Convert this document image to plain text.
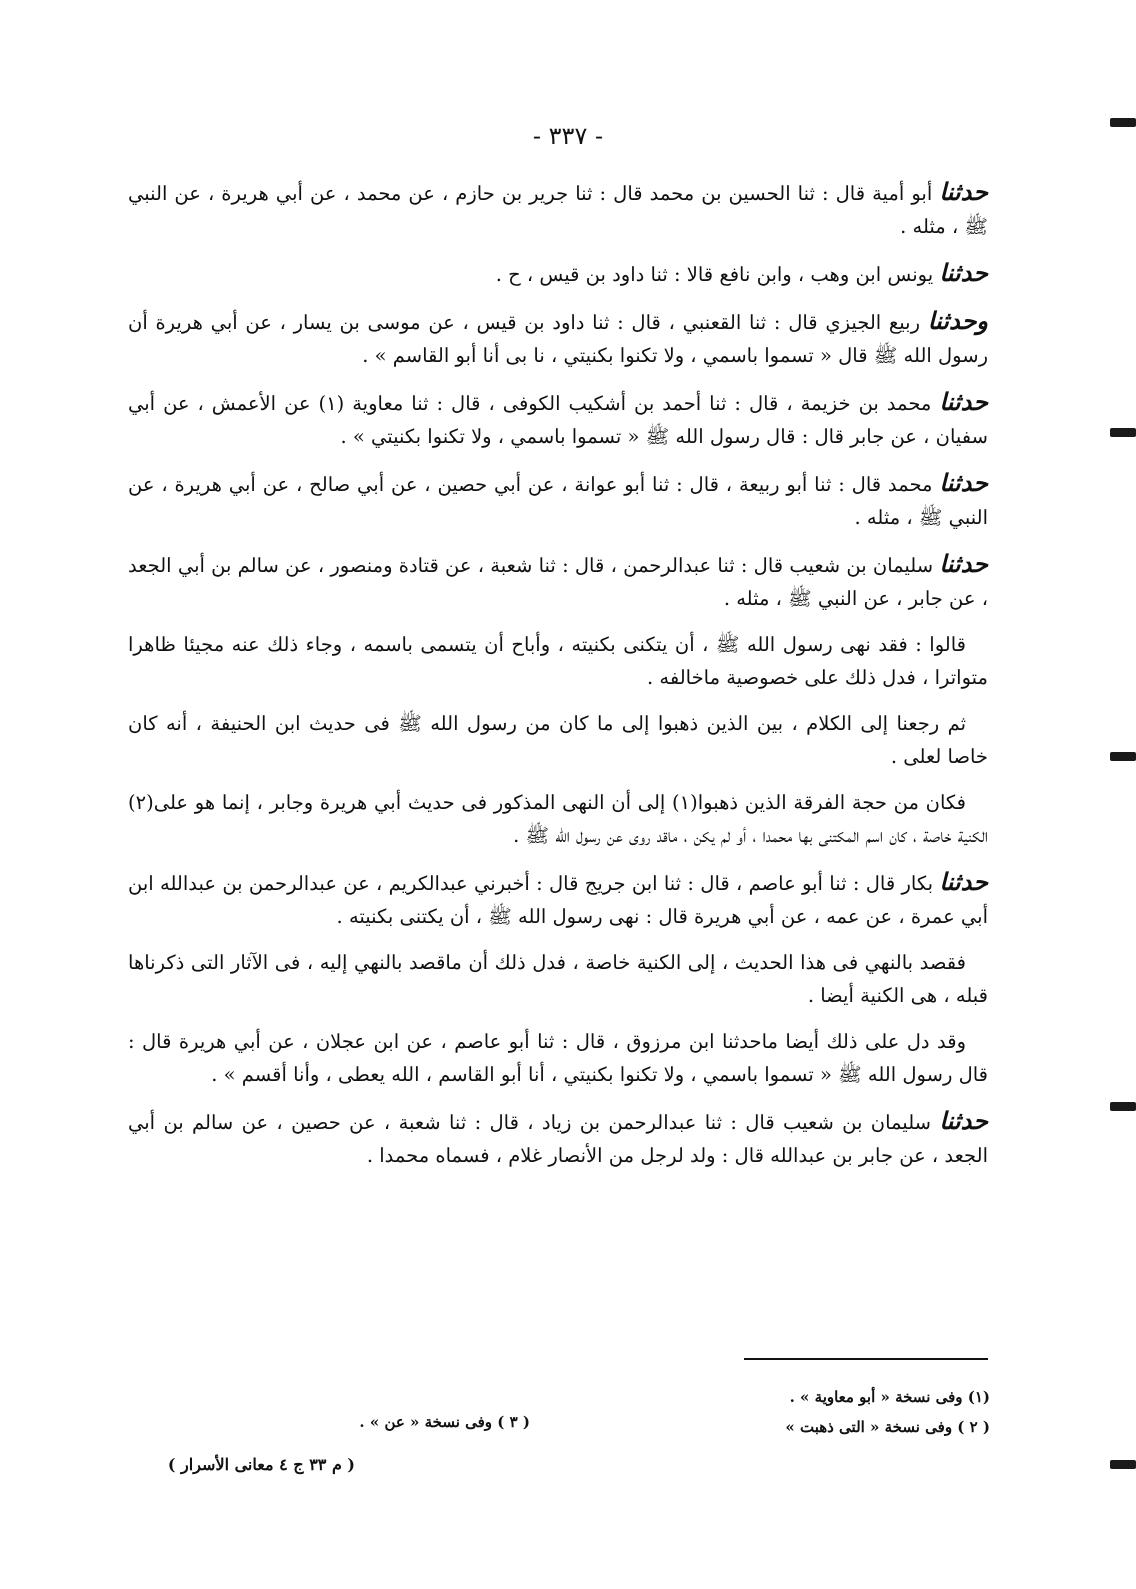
- ٣٣٧ -

حدثنا أبو أمية قال : ثنا الحسين بن محمد قال : ثنا جرير بن حازم ، عن محمد ، عن أبي هريرة ، عن النبي ﷺ ، مثله .

حدثنا يونس ابن وهب ، وابن نافع قالا : ثنا داود بن قيس ، ح .

وحدثنا ربيع الجيزي قال : ثنا القعنبي ، قال : ثنا داود بن قيس ، عن موسى بن يسار ، عن أبي هريرة أن رسول الله ﷺ قال « تسموا باسمي ، ولا تكنوا بكنيتي ، نا بى أنا أبو القاسم » .

حدثنا محمد بن خزيمة ، قال : ثنا أحمد بن أشكيب الكوفى ، قال : ثنا معاوية (١) عن الأعمش ، عن أبي سفيان ، عن جابر قال : قال رسول الله ﷺ « تسموا باسمي ، ولا تكنوا بكنيتي » .

حدثنا محمد قال : ثنا أبو ربيعة ، قال : ثنا أبو عوانة ، عن أبي حصين ، عن أبي صالح ، عن أبي هريرة ، عن النبي ﷺ ، مثله .

حدثنا سليمان بن شعيب قال : ثنا عبدالرحمن ، قال : ثنا شعبة ، عن قتادة ومنصور ، عن سالم بن أبي الجعد ، عن جابر ، عن النبي ﷺ ، مثله .

قالوا : فقد نهى رسول الله ﷺ ، أن يتكنى بكنيته ، وأباح أن يتسمى باسمه ، وجاء ذلك عنه مجيئا ظاهرا متواترا ، فدل ذلك على خصوصية ماخالفه .

ثم رجعنا إلى الكلام ، بين الذين ذهبوا إلى ما كان من رسول الله ﷺ فى حديث ابن الحنيفة ، أنه كان خاصا لعلى .

فكان من حجة الفرقة الذين ذهبوا(١) إلى أن النهى المذكور فى حديث أبي هريرة وجابر ، إنما هو على(٢) الكنية خاصة ، كان اسم المكتنى بها محمدا ، أو لم يكن ، ماقد روى عن رسول الله ﷺ .

حدثنا بكار قال : ثنا أبو عاصم ، قال : ثنا ابن جريج قال : أخبرني عبدالكريم ، عن عبدالرحمن بن عبدالله ابن أبي عمرة ، عن عمه ، عن أبي هريرة قال : نهى رسول الله ﷺ ، أن يكتنى بكنيته .

فقصد بالنهي فى هذا الحديث ، إلى الكنية خاصة ، فدل ذلك أن ماقصد بالنهي إليه ، فى الآثار التى ذكرناها قبله ، هى الكنية أيضا .

وقد دل على ذلك أيضا ماحدثنا ابن مرزوق ، قال : ثنا أبو عاصم ، عن ابن عجلان ، عن أبي هريرة قال : قال رسول الله ﷺ « تسموا باسمي ، ولا تكنوا بكنيتي ، أنا أبو القاسم ، الله يعطى ، وأنا أقسم » .

حدثنا سليمان بن شعيب قال : ثنا عبدالرحمن بن زياد ، قال : ثنا شعبة ، عن حصين ، عن سالم بن أبي الجعد ، عن جابر بن عبدالله قال : ولد لرجل من الأنصار غلام ، فسماه محمدا .

(١) وفى نسخة « أبو معاوية » .
( ٢ ) وفى نسخة « التى ذهبت »
( ٣ ) وفى نسخة « عن » .
( م ٣٣ ج ٤ معانى الأسرار )
